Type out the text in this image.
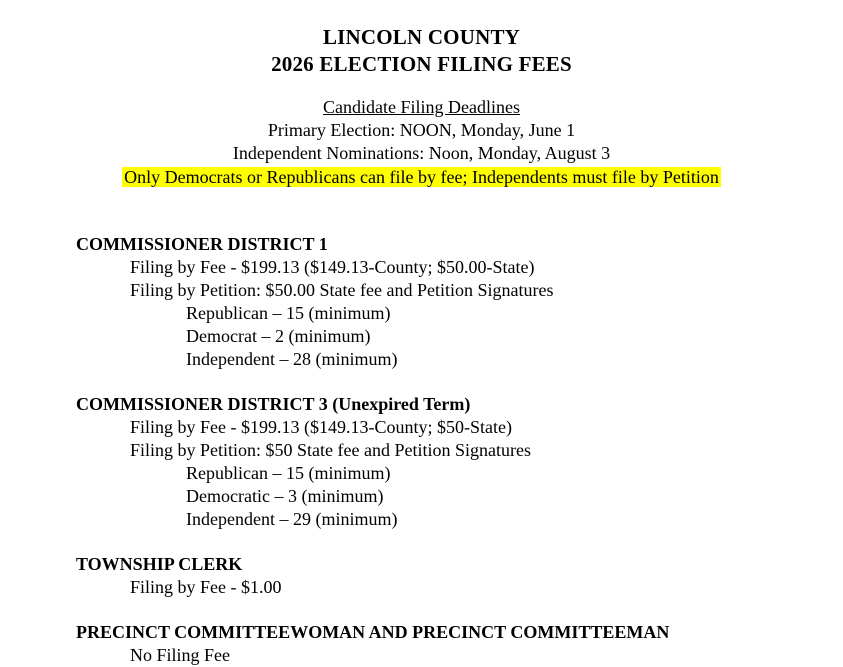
LINCOLN COUNTY
2026 ELECTION FILING FEES
Candidate Filing Deadlines
Primary Election: NOON, Monday, June 1
Independent Nominations: Noon, Monday, August 3
Only Democrats or Republicans can file by fee; Independents must file by Petition
COMMISSIONER DISTRICT 1
Filing by Fee - $199.13 ($149.13-County; $50.00-State)
Filing by Petition: $50.00 State fee and Petition Signatures
Republican – 15 (minimum)
Democrat – 2 (minimum)
Independent – 28 (minimum)
COMMISSIONER DISTRICT 3 (Unexpired Term)
Filing by Fee - $199.13 ($149.13-County; $50-State)
Filing by Petition: $50 State fee and Petition Signatures
Republican – 15 (minimum)
Democratic – 3 (minimum)
Independent – 29 (minimum)
TOWNSHIP CLERK
Filing by Fee - $1.00
PRECINCT COMMITTEEWOMAN AND PRECINCT COMMITTEEMAN
No Filing Fee
